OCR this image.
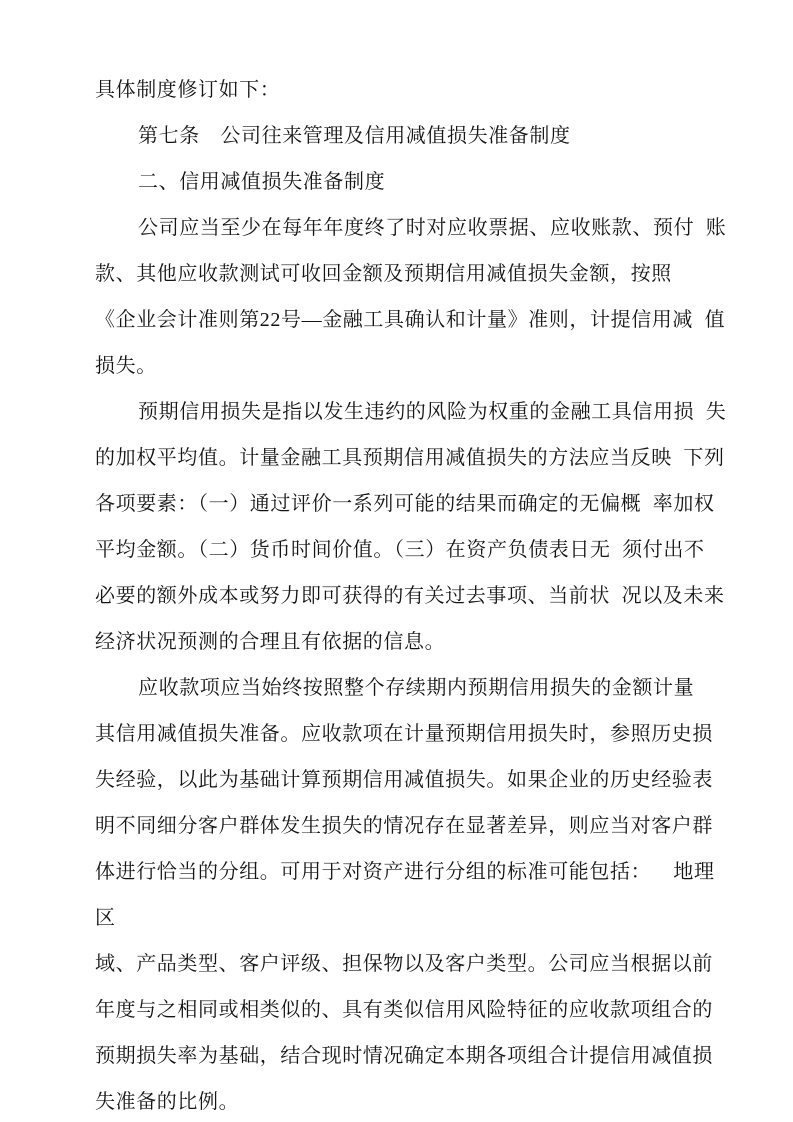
具体制度修订如下：
第七条　公司往来管理及信用减值损失准备制度
二、信用减值损失准备制度
公司应当至少在每年年度终了时对应收票据、应收账款、预付 账
款、其他应收款测试可收回金额及预期信用减值损失金额，按照
《企业会计准则第22号—金融工具确认和计量》准则，计提信用减 值
损失。
预期信用损失是指以发生违约的风险为权重的金融工具信用损 失
的加权平均值。计量金融工具预期信用减值损失的方法应当反映 下列
各项要素：（一）通过评价一系列可能的结果而确定的无偏概 率加权
平均金额。（二）货币时间价值。（三）在资产负债表日无 须付出不
必要的额外成本或努力即可获得的有关过去事项、当前状 况以及未来
经济状况预测的合理且有依据的信息。
应收款项应当始终按照整个存续期内预期信用损失的金额计量
其信用减值损失准备。应收款项在计量预期信用损失时，参照历史损
失经验，以此为基础计算预期信用减值损失。如果企业的历史经验表
明不同细分客户群体发生损失的情况存在显著差异，则应当对客户群
体进行恰当的分组。可用于对资产进行分组的标准可能包括：　 地理区
域、产品类型、客户评级、担保物以及客户类型。公司应当根据以前
年度与之相同或相类似的、具有类似信用风险特征的应收款项组合的
预期损失率为基础，结合现时情况确定本期各项组合计提信用减值损
失准备的比例。
